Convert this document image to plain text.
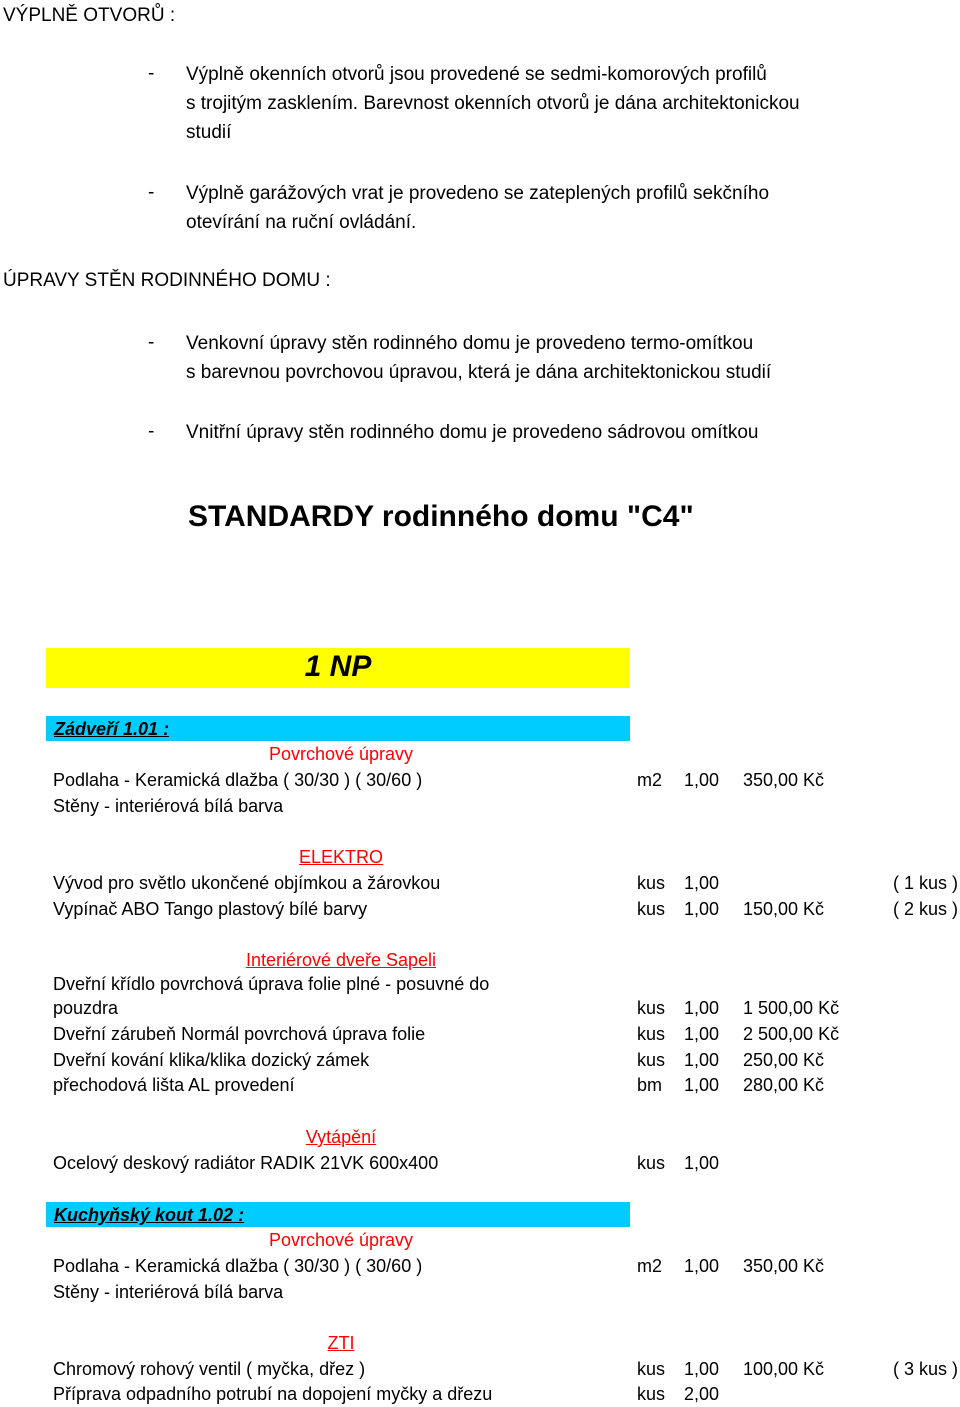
VÝPLNĚ OTVORŮ :
- Výplně okenních otvorů jsou provedené se sedmi-komorových profilů
s trojitým zasklením. Barevnost okenních otvorů je dána architektonickou
studií
- Výplně garážových vrat je provedeno se zateplených profilů sekčního
otevírání na ruční ovládání.
ÚPRAVY STĚN RODINNÉHO DOMU :
- Venkovní úpravy stěn rodinného domu je provedeno termo-omítkou
s barevnou povrchovou úpravou, která je dána architektonickou studií
- Vnitřní úpravy stěn rodinného domu je provedeno sádrovou omítkou
STANDARDY rodinného domu "C4"
1 NP
Zádveří 1.01 :
Povrchové úpravy
Podlaha - Keramická dlažba ( 30/30 ) ( 30/60 )	m2 1,00 350,00 Kč
Stěny - interiérová bílá barva
ELEKTRO
Vývod pro světlo ukončené objímkou a žárovkou	kus 1,00	( 1 kus )
Vypínač ABO Tango plastový bílé barvy	kus 1,00 150,00 Kč	( 2 kus )
Interiérové dveře Sapeli
Dveřní křídlo povrchová úprava folie plné - posuvné do
pouzdra	kus 1,00 1 500,00 Kč
Dveřní zárubeň Normál povrchová úprava folie	kus 1,00 2 500,00 Kč
Dveřní kování klika/klika dozický zámek	kus 1,00 250,00 Kč
přechodová lišta AL provedení	bm 1,00 280,00 Kč
Vytápění
Ocelový deskový radiátor RADIK 21VK 600x400	kus 1,00
Kuchyňský kout 1.02 :
Povrchové úpravy
Podlaha - Keramická dlažba ( 30/30 ) ( 30/60 )	m2 1,00 350,00 Kč
Stěny - interiérová bílá barva
ZTI
Chromový rohový ventil ( myčka, dřez )	kus 1,00 100,00 Kč	( 3 kus )
Příprava odpadního potrubí na dopojení myčky a dřezu	kus 2,00
